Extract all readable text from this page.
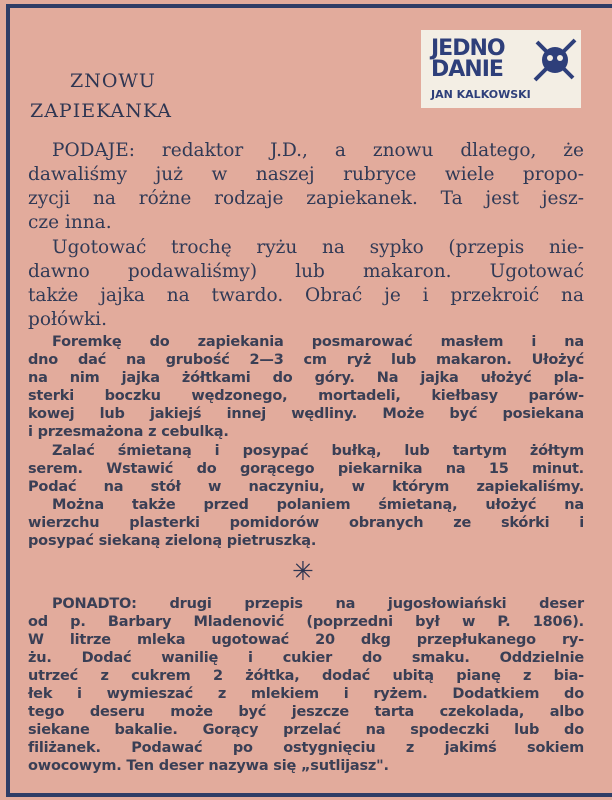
ZNOWU
ZAPIEKANKA
JEDNO
DANIE
JAN KALKOWSKI
PODAJE: redaktor J.D., a znowu dlatego, że
dawaliśmy już w naszej rubryce wiele propo-
zycji na różne rodzaje zapiekanek. Ta jest jesz-
cze inna.
Ugotować trochę ryżu na sypko (przepis nie-
dawno podawaliśmy) lub makaron. Ugotować
także jajka na twardo. Obrać je i przekroić na
połówki.
Foremkę do zapiekania posmarować masłem i na
dno dać na grubość 2—3 cm ryż lub makaron. Ułożyć
na nim jajka żółtkami do góry. Na jajka ułożyć pla-
sterki boczku wędzonego, mortadeli, kiełbasy parów-
kowej lub jakiejś innej wędliny. Może być posiekana
i przesmażona z cebulką.
Zalać śmietaną i posypać bułką, lub tartym żółtym
serem. Wstawić do gorącego piekarnika na 15 minut.
Podać na stół w naczyniu, w którym zapiekaliśmy.
Można także przed polaniem śmietaną, ułożyć na
wierzchu plasterki pomidorów obranych ze skórki i
posypać siekaną zieloną pietruszką.
✳
PONADTO: drugi przepis na jugosłowiański deser
od p. Barbary Mladenović (poprzedni był w P. 1806).
W litrze mleka ugotować 20 dkg przepłukanego ry-
żu. Dodać wanilię i cukier do smaku. Oddzielnie
utrzeć z cukrem 2 żółtka, dodać ubitą pianę z bia-
łek i wymieszać z mlekiem i ryżem. Dodatkiem do
tego deseru może być jeszcze tarta czekolada, albo
siekane bakalie. Gorący przelać na spodeczki lub do
filiżanek. Podawać po ostygnięciu z jakimś sokiem
owocowym. Ten deser nazywa się „sutlijasz".
